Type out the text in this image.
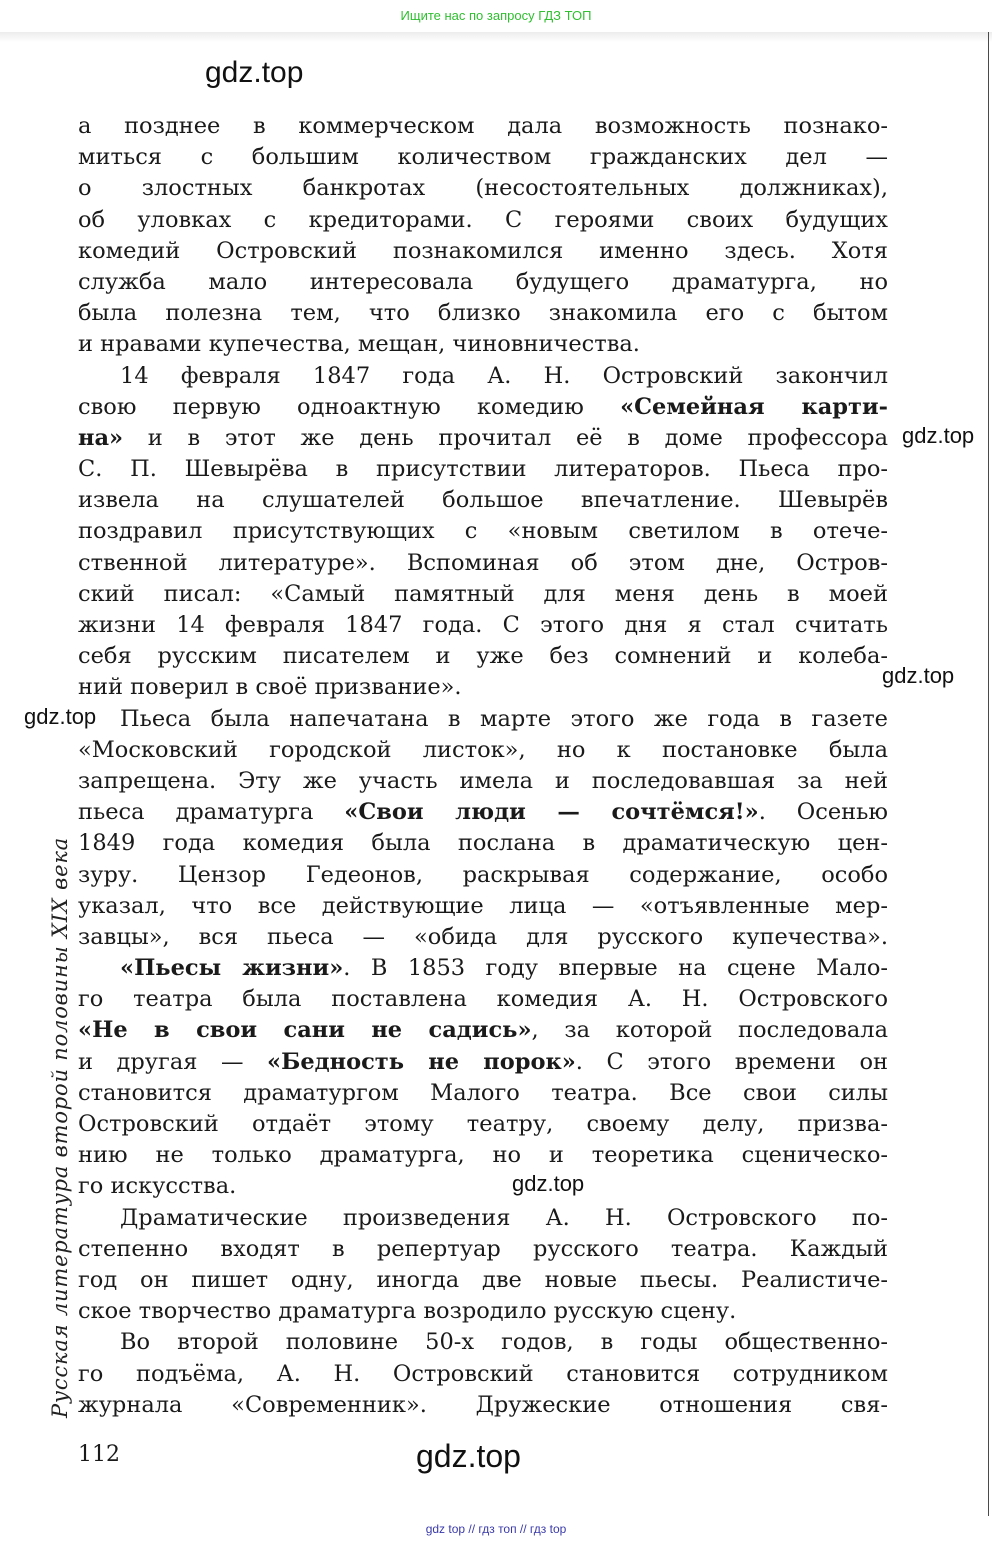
Ищите нас по запросу ГДЗ ТОП
gdz.top
gdz.top
gdz.top
gdz.top
gdz.top
gdz.top
Русская литература второй половины XIX века
а позднее в коммерческом дала возможность познако-
миться с большим количеством гражданских дел —
о злостных банкротах (несостоятельных должниках),
об уловках с кредиторами. С героями своих будущих
комедий Островский познакомился именно здесь. Хотя
служба мало интересовала будущего драматурга, но
была полезна тем, что близко знакомила его с бытом
и нравами купечества, мещан, чиновничества.
14 февраля 1847 года А. Н. Островский закончил
свою первую одноактную комедию «Семейная карти-
на» и в этот же день прочитал её в доме профессора
С. П. Шевырёва в присутствии литераторов. Пьеса про-
извела на слушателей большое впечатление. Шевырёв
поздравил присутствующих с «новым светилом в отече-
ственной литературе». Вспоминая об этом дне, Остров-
ский писал: «Самый памятный для меня день в моей
жизни 14 февраля 1847 года. С этого дня я стал считать
себя русским писателем и уже без сомнений и колеба-
ний поверил в своё призвание».
Пьеса была напечатана в марте этого же года в газете
«Московский городской листок», но к постановке была
запрещена. Эту же участь имела и последовавшая за ней
пьеса драматурга «Свои люди — сочтёмся!». Осенью
1849 года комедия была послана в драматическую цен-
зуру. Цензор Гедеонов, раскрывая содержание, особо
указал, что все действующие лица — «отъявленные мер-
завцы», вся пьеса — «обида для русского купечества».
«Пьесы жизни». В 1853 году впервые на сцене Мало-
го театра была поставлена комедия А. Н. Островского
«Не в свои сани не садись», за которой последовала
и другая — «Бедность не порок». С этого времени он
становится драматургом Малого театра. Все свои силы
Островский отдаёт этому театру, своему делу, призва-
нию не только драматурга, но и теоретика сценическо-
го искусства.
Драматические произведения А. Н. Островского по-
степенно входят в репертуар русского театра. Каждый
год он пишет одну, иногда две новые пьесы. Реалистиче-
ское творчество драматурга возродило русскую сцену.
Во второй половине 50-х годов, в годы общественно-
го подъёма, А. Н. Островский становится сотрудником
журнала «Современник». Дружеские отношения свя-
112
gdz top // гдз топ // гдз top
